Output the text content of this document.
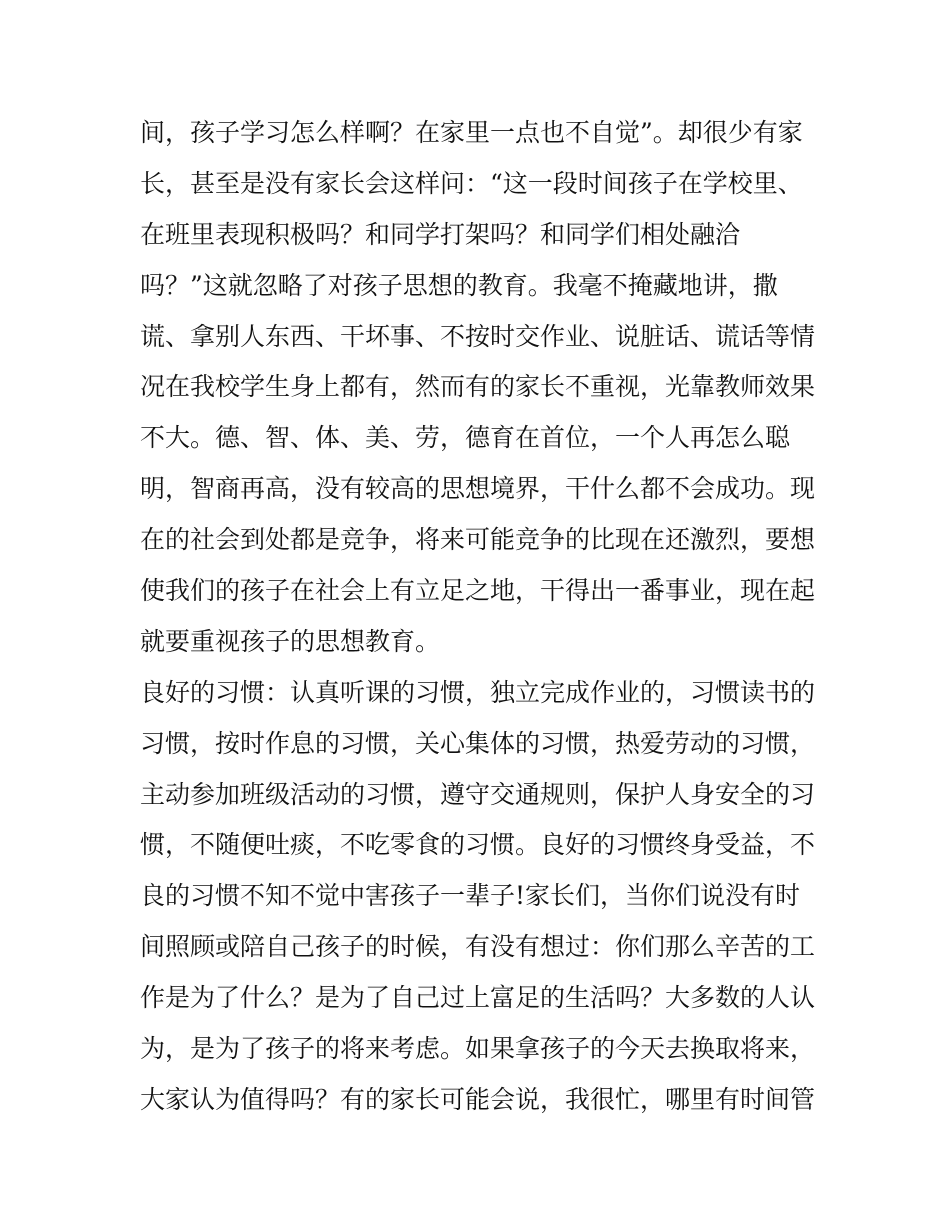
间，孩子学习怎么样啊？在家里一点也不自觉”。却很少有家
长，甚至是没有家长会这样问：“这一段时间孩子在学校里、
在班里表现积极吗？和同学打架吗？和同学们相处融洽
吗？”这就忽略了对孩子思想的教育。我毫不掩藏地讲，撒
谎、拿别人东西、干坏事、不按时交作业、说脏话、谎话等情
况在我校学生身上都有，然而有的家长不重视，光靠教师效果
不大。德、智、体、美、劳，德育在首位，一个人再怎么聪
明，智商再高，没有较高的思想境界，干什么都不会成功。现
在的社会到处都是竞争，将来可能竞争的比现在还激烈，要想
使我们的孩子在社会上有立足之地，干得出一番事业，现在起
就要重视孩子的思想教育。
良好的习惯：认真听课的习惯，独立完成作业的，习惯读书的
习惯，按时作息的习惯，关心集体的习惯，热爱劳动的习惯，
主动参加班级活动的习惯，遵守交通规则，保护人身安全的习
惯，不随便吐痰，不吃零食的习惯。良好的习惯终身受益，不
良的习惯不知不觉中害孩子一辈子!家长们，当你们说没有时
间照顾或陪自己孩子的时候，有没有想过：你们那么辛苦的工
作是为了什么？是为了自己过上富足的生活吗？大多数的人认
为，是为了孩子的将来考虑。如果拿孩子的今天去换取将来，
大家认为值得吗？有的家长可能会说，我很忙，哪里有时间管
